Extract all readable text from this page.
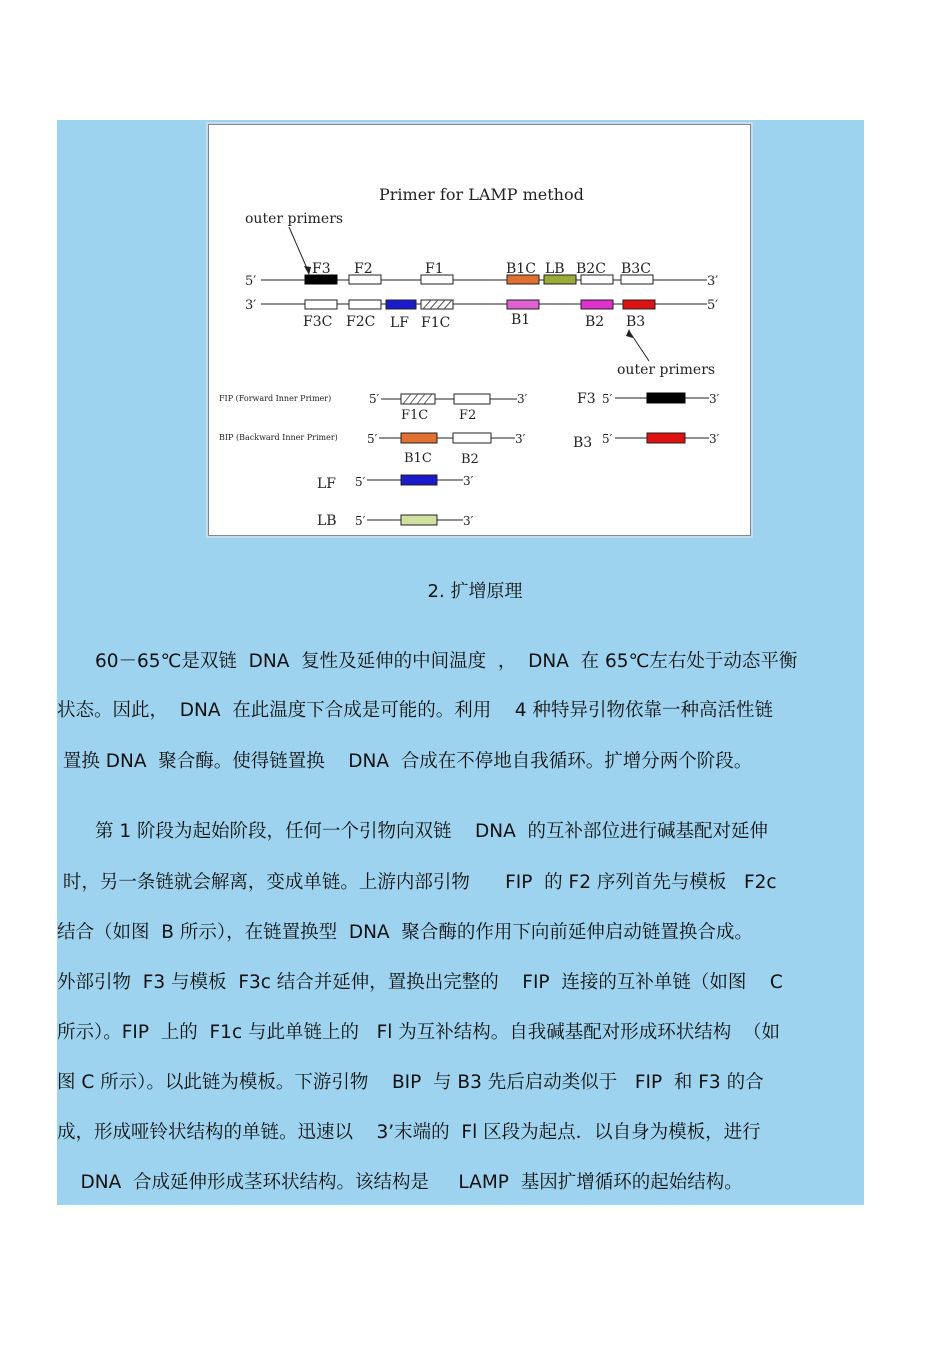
Primer for LAMP method
outer primers
5′	3′
F3 F2	F1	B1C LB B2C B3C
3′	5′
F3C F2C LF F1C	B1	B2 B3
outer primers
FIP (Forward Inner Primer)	5′	3′
F1C F2
F3 5′	3′
BIP (Backward Inner Primer) 5′	3′
B1C B2
B3 5′	3′
LF 5′	3′
LB 5′	3′
2. 扩增原理
60－65℃是双链  DNA  复性及延伸的中间温度  ，  DNA  在 65℃左右处于动态平衡
状态。因此，  DNA  在此温度下合成是可能的。利用    4 种特异引物依靠一种高活性链
置换 DNA  聚合酶。使得链置换    DNA  合成在不停地自我循环。扩增分两个阶段。
第 1 阶段为起始阶段，任何一个引物向双链    DNA  的互补部位进行碱基配对延伸
时，另一条链就会解离，变成单链。上游内部引物      FIP  的 F2 序列首先与模板   F2c
结合（如图  B 所示），在链置换型  DNA  聚合酶的作用下向前延伸启动链置换合成。
外部引物  F3 与模板  F3c 结合并延伸，置换出完整的    FIP  连接的互补单链（如图    C
所示）。FIP  上的  F1c 与此单链上的   Fl 为互补结构。自我碱基配对形成环状结构  （如
图 C 所示）。以此链为模板。下游引物    BIP  与 B3 先后启动类似于   FIP  和 F3 的合
成，形成哑铃状结构的单链。迅速以    3’末端的  Fl 区段为起点．以自身为模板，进行
DNA  合成延伸形成茎环状结构。该结构是     LAMP  基因扩增循环的起始结构。
